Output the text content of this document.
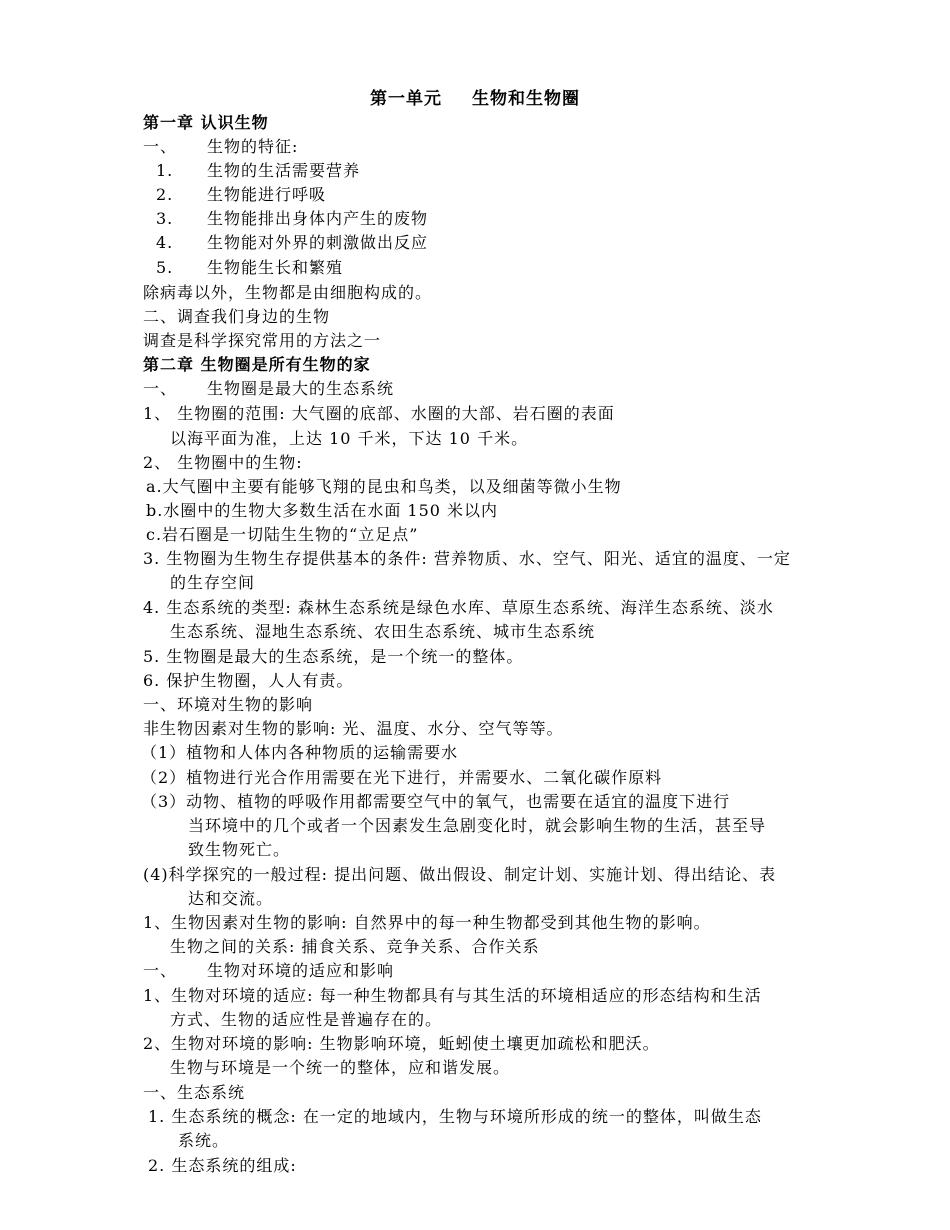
第一单元 生物和生物圈
第一章 认识生物
一、 生物的特征:
1. 生物的生活需要营养
2. 生物能进行呼吸
3. 生物能排出身体内产生的废物
4. 生物能对外界的刺激做出反应
5. 生物能生长和繁殖
除病毒以外，生物都是由细胞构成的。
二、调查我们身边的生物
调查是科学探究常用的方法之一
第二章 生物圈是所有生物的家
一、 生物圈是最大的生态系统
1、 生物圈的范围: 大气圈的底部、水圈的大部、岩石圈的表面
以海平面为准，上达 10 千米，下达 10 千米。
2、 生物圈中的生物:
a.大气圈中主要有能够飞翔的昆虫和鸟类，以及细菌等微小生物
b.水圈中的生物大多数生活在水面 150 米以内
c.岩石圈是一切陆生生物的“立足点”
3. 生物圈为生物生存提供基本的条件: 营养物质、水、空气、阳光、适宜的温度、一定
的生存空间
4. 生态系统的类型: 森林生态系统是绿色水库、草原生态系统、海洋生态系统、淡水
生态系统、湿地生态系统、农田生态系统、城市生态系统
5. 生物圈是最大的生态系统，是一个统一的整体。
6. 保护生物圈，人人有责。
一、环境对生物的影响
非生物因素对生物的影响: 光、温度、水分、空气等等。
（1）植物和人体内各种物质的运输需要水
（2）植物进行光合作用需要在光下进行，并需要水、二氧化碳作原料
（3）动物、植物的呼吸作用都需要空气中的氧气，也需要在适宜的温度下进行
当环境中的几个或者一个因素发生急剧变化时，就会影响生物的生活，甚至导
致生物死亡。
(4)科学探究的一般过程: 提出问题、做出假设、制定计划、实施计划、得出结论、表
达和交流。
1、生物因素对生物的影响: 自然界中的每一种生物都受到其他生物的影响。
生物之间的关系: 捕食关系、竞争关系、合作关系
一、 生物对环境的适应和影响
1、生物对环境的适应: 每一种生物都具有与其生活的环境相适应的形态结构和生活
方式、生物的适应性是普遍存在的。
2、生物对环境的影响: 生物影响环境，蚯蚓使土壤更加疏松和肥沃。
生物与环境是一个统一的整体，应和谐发展。
一、生态系统
1. 生态系统的概念: 在一定的地域内，生物与环境所形成的统一的整体，叫做生态
系统。
2. 生态系统的组成:
